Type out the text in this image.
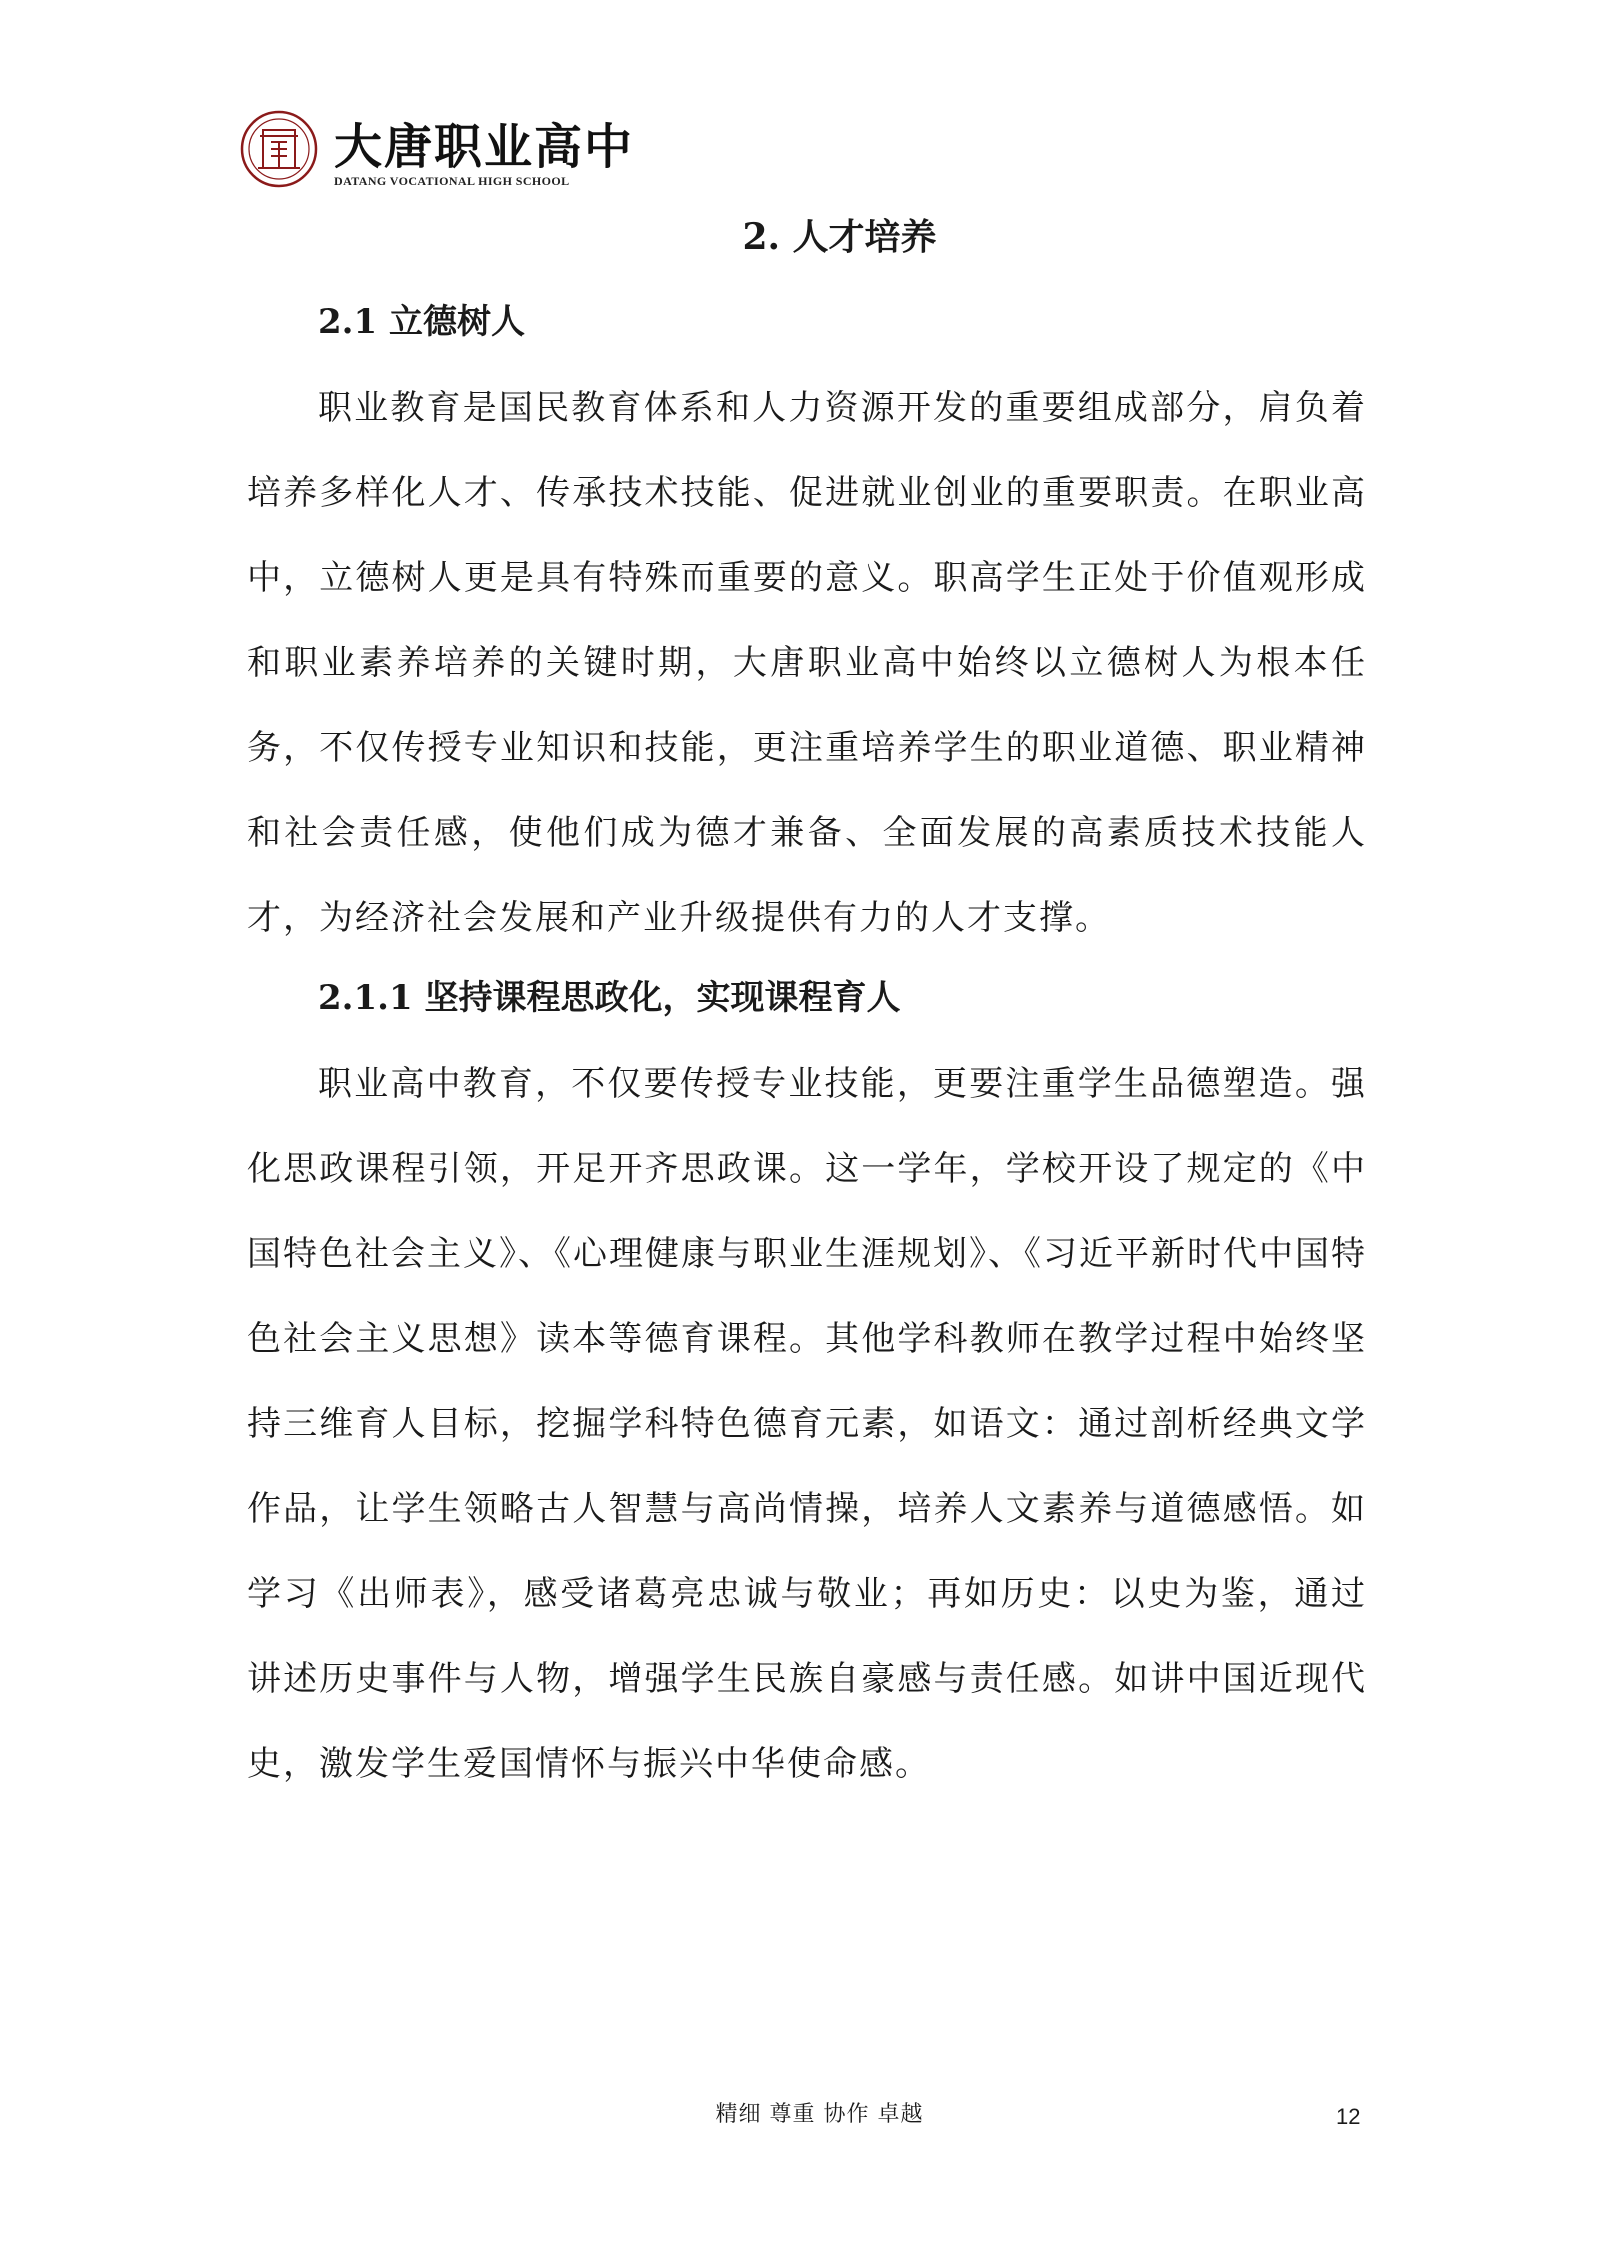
大唐职业高中
DATANG VOCATIONAL HIGH SCHOOL
2. 人才培养
2.1 立德树人
职业教育是国民教育体系和人力资源开发的重要组成部分，肩负着培养多样化人才、传承技术技能、促进就业创业的重要职责。在职业高中，立德树人更是具有特殊而重要的意义。职高学生正处于价值观形成和职业素养培养的关键时期，大唐职业高中始终以立德树人为根本任务，不仅传授专业知识和技能，更注重培养学生的职业道德、职业精神和社会责任感，使他们成为德才兼备、全面发展的高素质技术技能人才，为经济社会发展和产业升级提供有力的人才支撑。
2.1.1 坚持课程思政化，实现课程育人
职业高中教育，不仅要传授专业技能，更要注重学生品德塑造。强化思政课程引领，开足开齐思政课。这一学年，学校开设了规定的《中国特色社会主义》、《心理健康与职业生涯规划》、《习近平新时代中国特色社会主义思想》读本等德育课程。其他学科教师在教学过程中始终坚持三维育人目标，挖掘学科特色德育元素，如语文：通过剖析经典文学作品，让学生领略古人智慧与高尚情操，培养人文素养与道德感悟。如学习《出师表》，感受诸葛亮忠诚与敬业；再如历史：以史为鉴，通过讲述历史事件与人物，增强学生民族自豪感与责任感。如讲中国近现代史，激发学生爱国情怀与振兴中华使命感。
精细 尊重 协作 卓越	12
